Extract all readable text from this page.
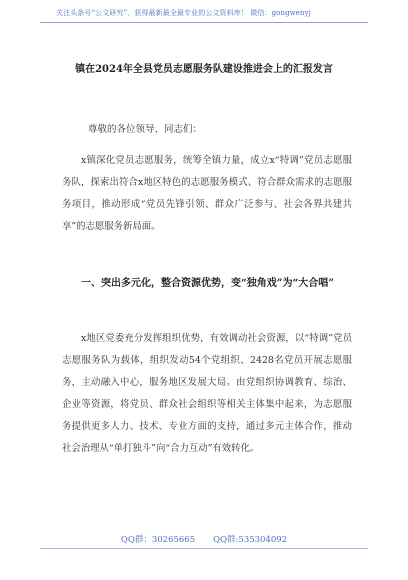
关注头条号“公文研究”，获得最新最全最专业的公文资料库！ 微信：gongwenyj
镇在2024年全县党员志愿服务队建设推进会上的汇报发言
尊敬的各位领导、同志们：

x镇深化党员志愿服务，统筹全镇力量，成立x“特调”党员志愿服务队，探索出符合x地区特色的志愿服务模式、符合群众需求的志愿服务项目，推动形成“党员先锋引领、群众广泛参与、社会各界共建共享”的志愿服务新局面。

一、突出多元化，整合资源优势，变“独角戏”为“大合唱”

x地区党委充分发挥组织优势，有效调动社会资源，以“特调”党员志愿服务队为载体，组织发动54个党组织、2428名党员开展志愿服务，主动融入中心，服务地区发展大局。由党组织协调教育、综治、企业等资源，将党员、群众社会组织等相关主体集中起来，为志愿服务提供更多人力、技术、专业方面的支持，通过多元主体合作，推动社会治理从“单打独斗”向“合力互动”有效转化。

QQ群：30265665 QQ群:535304092
